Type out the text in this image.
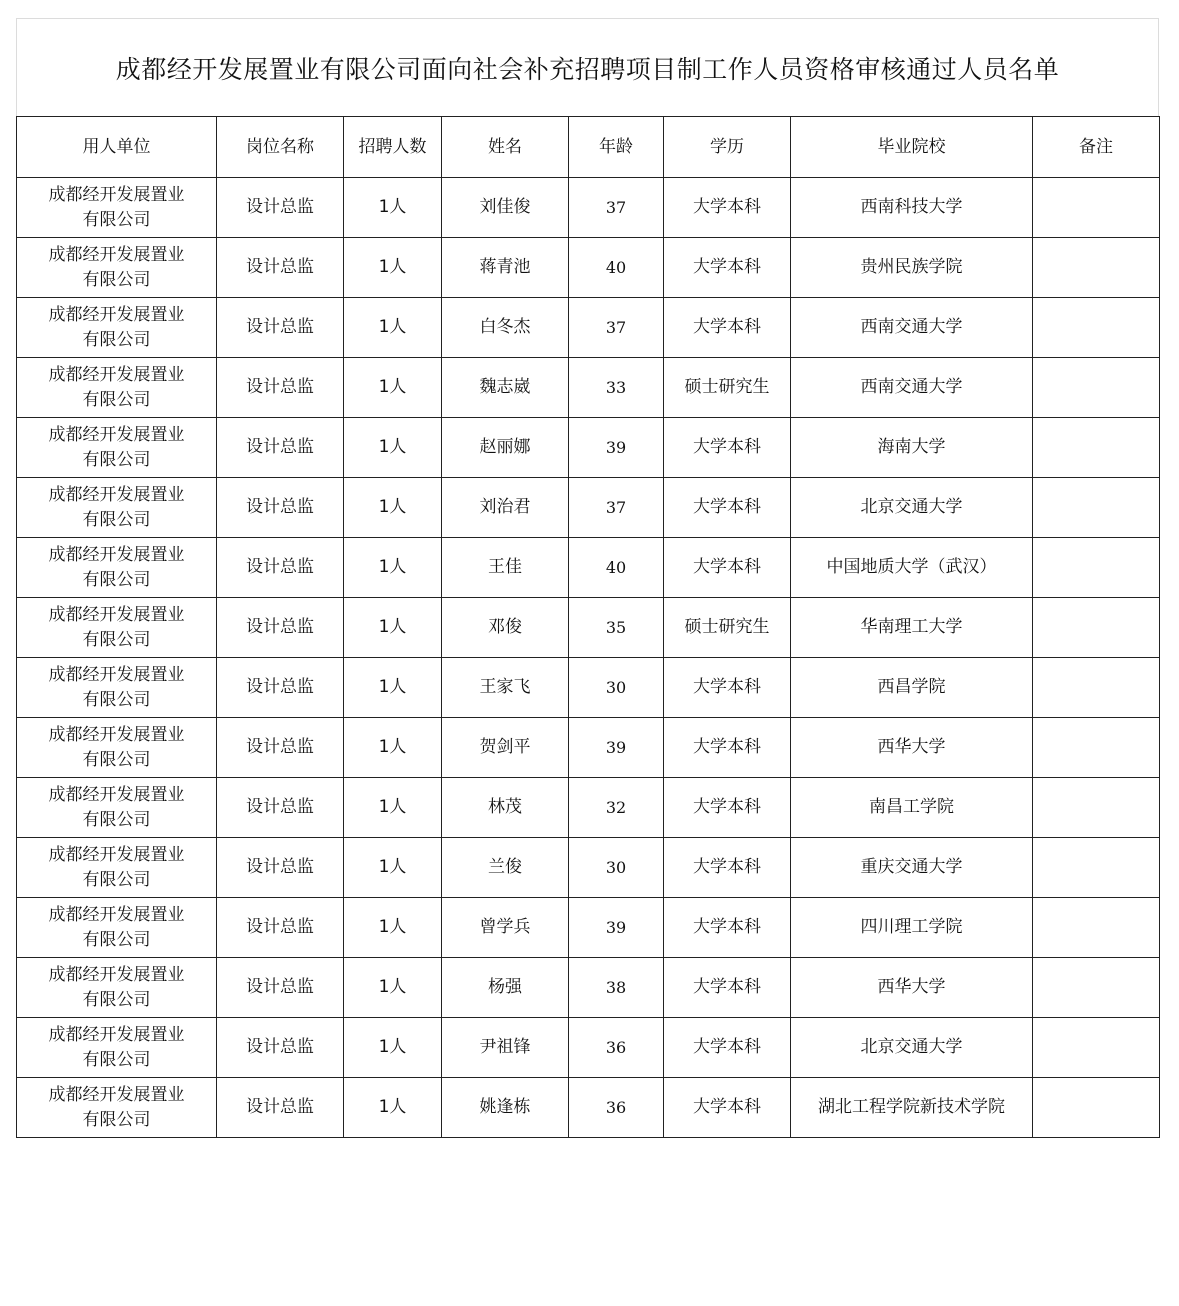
成都经开发展置业有限公司面向社会补充招聘项目制工作人员资格审核通过人员名单
用人单位	岗位名称	招聘人数	姓名	年龄	学历	毕业院校	备注

成都经开发展置业
有限公司	设计总监	1人	刘佳俊	37	大学本科	西南科技大学	

成都经开发展置业
有限公司	设计总监	1人	蒋青池	40	大学本科	贵州民族学院	

成都经开发展置业
有限公司	设计总监	1人	白冬杰	37	大学本科	西南交通大学	

成都经开发展置业
有限公司	设计总监	1人	魏志崴	33	硕士研究生	西南交通大学	

成都经开发展置业
有限公司	设计总监	1人	赵丽娜	39	大学本科	海南大学	

成都经开发展置业
有限公司	设计总监	1人	刘治君	37	大学本科	北京交通大学	

成都经开发展置业
有限公司	设计总监	1人	王佳	40	大学本科	中国地质大学（武汉）	

成都经开发展置业
有限公司	设计总监	1人	邓俊	35	硕士研究生	华南理工大学	

成都经开发展置业
有限公司	设计总监	1人	王家飞	30	大学本科	西昌学院	

成都经开发展置业
有限公司	设计总监	1人	贺剑平	39	大学本科	西华大学	

成都经开发展置业
有限公司	设计总监	1人	林茂	32	大学本科	南昌工学院	

成都经开发展置业
有限公司	设计总监	1人	兰俊	30	大学本科	重庆交通大学	

成都经开发展置业
有限公司	设计总监	1人	曾学兵	39	大学本科	四川理工学院	

成都经开发展置业
有限公司	设计总监	1人	杨强	38	大学本科	西华大学	

成都经开发展置业
有限公司	设计总监	1人	尹祖锋	36	大学本科	北京交通大学	

成都经开发展置业
有限公司	设计总监	1人	姚逢栋	36	大学本科	湖北工程学院新技术学院	
